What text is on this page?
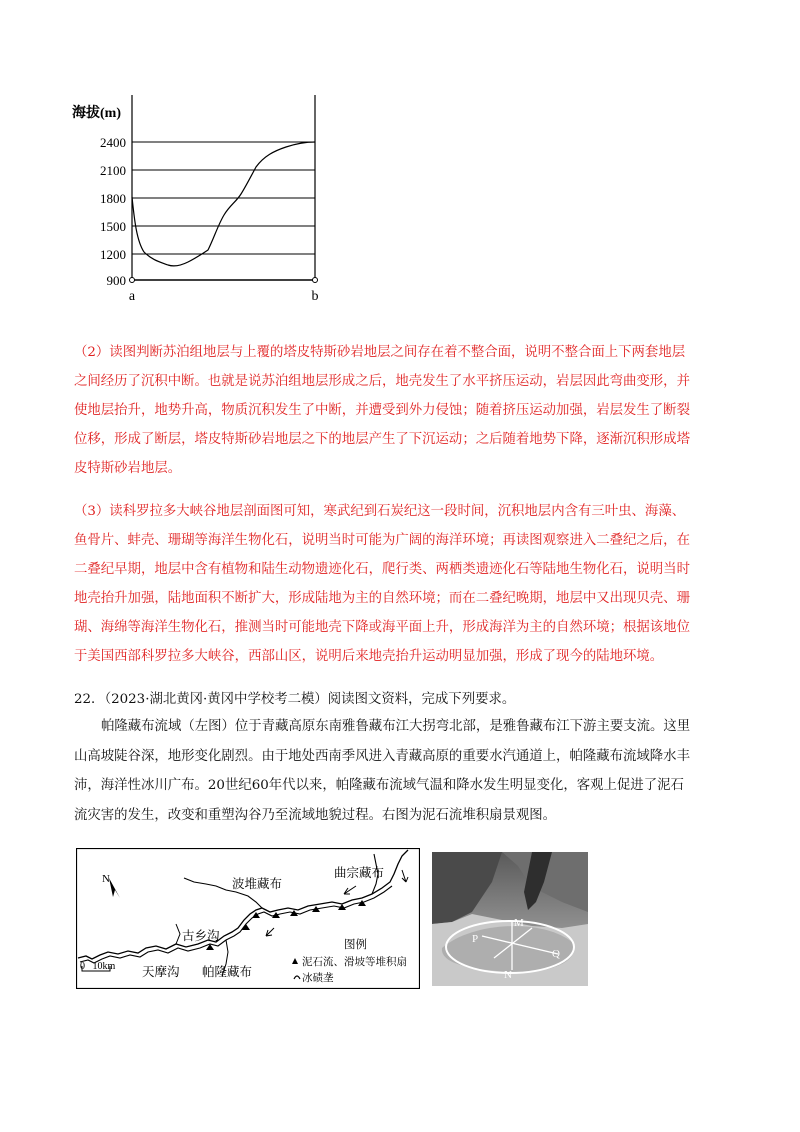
海拔(m)
2400
2100
1800
1500
1200
900
a	b
（2）读图判断苏泊组地层与上覆的塔皮特斯砂岩地层之间存在着不整合面，说明不整合面上下两套地层
之间经历了沉积中断。也就是说苏泊组地层形成之后，地壳发生了水平挤压运动，岩层因此弯曲变形，并
使地层抬升，地势升高，物质沉积发生了中断，并遭受到外力侵蚀；随着挤压运动加强，岩层发生了断裂
位移，形成了断层，塔皮特斯砂岩地层之下的地层产生了下沉运动；之后随着地势下降，逐渐沉积形成塔
皮特斯砂岩地层。
（3）读科罗拉多大峡谷地层剖面图可知，寒武纪到石炭纪这一段时间，沉积地层内含有三叶虫、海藻、
鱼骨片、蚌壳、珊瑚等海洋生物化石，说明当时可能为广阔的海洋环境；再读图观察进入二叠纪之后，在
二叠纪早期，地层中含有植物和陆生动物遗迹化石，爬行类、两栖类遗迹化石等陆地生物化石，说明当时
地壳抬升加强，陆地面积不断扩大，形成陆地为主的自然环境；而在二叠纪晚期，地层中又出现贝壳、珊
瑚、海绵等海洋生物化石，推测当时可能地壳下降或海平面上升，形成海洋为主的自然环境；根据该地位
于美国西部科罗拉多大峡谷，西部山区，说明后来地壳抬升运动明显加强，形成了现今的陆地环境。
22．（2023·湖北黄冈·黄冈中学校考二模）阅读图文资料，完成下列要求。
帕隆藏布流域（左图）位于青藏高原东南雅鲁藏布江大拐弯北部，是雅鲁藏布江下游主要支流。这里
山高坡陡谷深，地形变化剧烈。由于地处西南季风进入青藏高原的重要水汽通道上，帕隆藏布流域降水丰
沛，海洋性冰川广布。20世纪60年代以来，帕隆藏布流域气温和降水发生明显变化，客观上促进了泥石
流灾害的发生，改变和重塑沟谷乃至流域地貌过程。右图为泥石流堆积扇景观图。
N	波堆藏布
曲宗藏布
古乡沟
天摩沟 帕隆藏布
0   10km
图例
泥石流、滑坡等堆积扇
冰碛垄
M
P
Q
N
